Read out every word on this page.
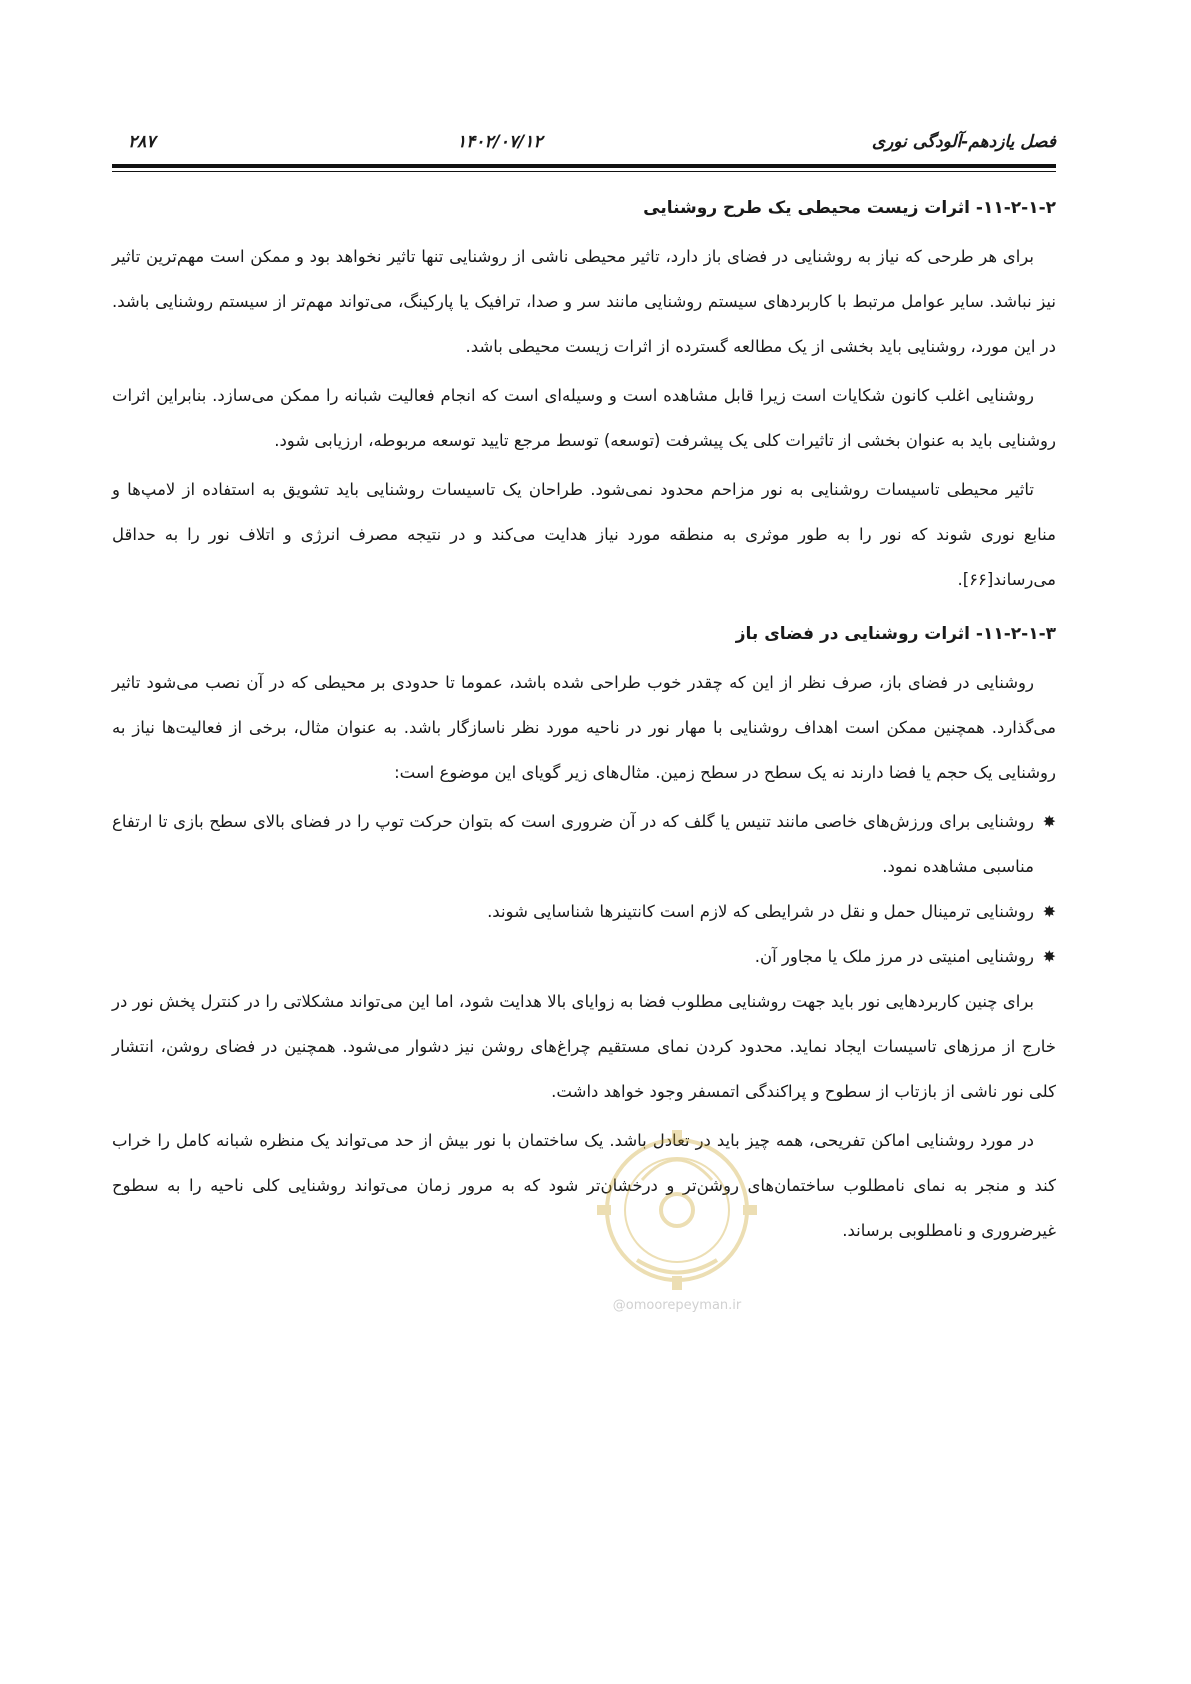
فصل یازدهم-آلودگی نوری
۱۴۰۲/۰۷/۱۲
۲۸۷
۱۱-۲-۱-۲- اثرات زیست محیطی یک طرح روشنایی

برای هر طرحی که نیاز به روشنایی در فضای باز دارد، تاثیر محیطی ناشی از روشنایی تنها تاثیر نخواهد بود و ممکن است مهم‌ترین تاثیر نیز نباشد. سایر عوامل مرتبط با کاربردهای سیستم روشنایی مانند سر و صدا، ترافیک یا پارکینگ، می‌تواند مهم‌تر از سیستم روشنایی باشد. در این مورد، روشنایی باید بخشی از یک مطالعه گسترده از اثرات زیست محیطی باشد.

روشنایی اغلب کانون شکایات است زیرا قابل مشاهده است و وسیله‌ای است که انجام فعالیت شبانه را ممکن می‌سازد. بنابراین اثرات روشنایی باید به عنوان بخشی از تاثیرات کلی یک پیشرفت (توسعه) توسط مرجع تایید توسعه مربوطه، ارزیابی شود.

تاثیر محیطی تاسیسات روشنایی به نور مزاحم محدود نمی‌شود. طراحان یک تاسیسات روشنایی باید تشویق به استفاده از لامپ‌ها و منابع نوری شوند که نور را به طور موثری به منطقه مورد نیاز هدایت می‌کند و در نتیجه مصرف انرژی و اتلاف نور را به حداقل می‌رساند[۶۶].

۱۱-۲-۱-۳- اثرات روشنایی در فضای باز

روشنایی در فضای باز، صرف نظر از این که چقدر خوب طراحی شده باشد، عموما تا حدودی بر محیطی که در آن نصب می‌شود تاثیر می‌گذارد. همچنین ممکن است اهداف روشنایی با مهار نور در ناحیه مورد نظر ناسازگار باشد. به عنوان مثال، برخی از فعالیت‌ها نیاز به روشنایی یک حجم یا فضا دارند نه یک سطح در سطح زمین. مثال‌های زیر گویای این موضوع است:

✸
روشنایی برای ورزش‌های خاصی مانند تنیس یا گلف که در آن ضروری است که بتوان حرکت توپ را در فضای بالای سطح بازی تا ارتفاع مناسبی مشاهده نمود.
✸
روشنایی ترمینال حمل و نقل در شرایطی که لازم است کانتینرها شناسایی شوند.
✸
روشنایی امنیتی در مرز ملک یا مجاور آن.

برای چنین کاربردهایی نور باید جهت روشنایی مطلوب فضا به زوایای بالا هدایت شود، اما این می‌تواند مشکلاتی را در کنترل پخش نور در خارج از مرزهای تاسیسات ایجاد نماید. محدود کردن نمای مستقیم چراغ‌های روشن نیز دشوار می‌شود. همچنین در فضای روشن، انتشار کلی نور ناشی از بازتاب از سطوح و پراکندگی اتمسفر وجود خواهد داشت.

در مورد روشنایی اماکن تفریحی، همه چیز باید در تعادل باشد. یک ساختمان با نور بیش از حد می‌تواند یک منظره شبانه کامل را خراب کند و منجر به نمای نامطلوب ساختمان‌های روشن‌تر و درخشان‌تر شود که به مرور زمان می‌تواند روشنایی کلی ناحیه را به سطوح غیرضروری و نامطلوبی برساند.

@omoorepeyman.ir
